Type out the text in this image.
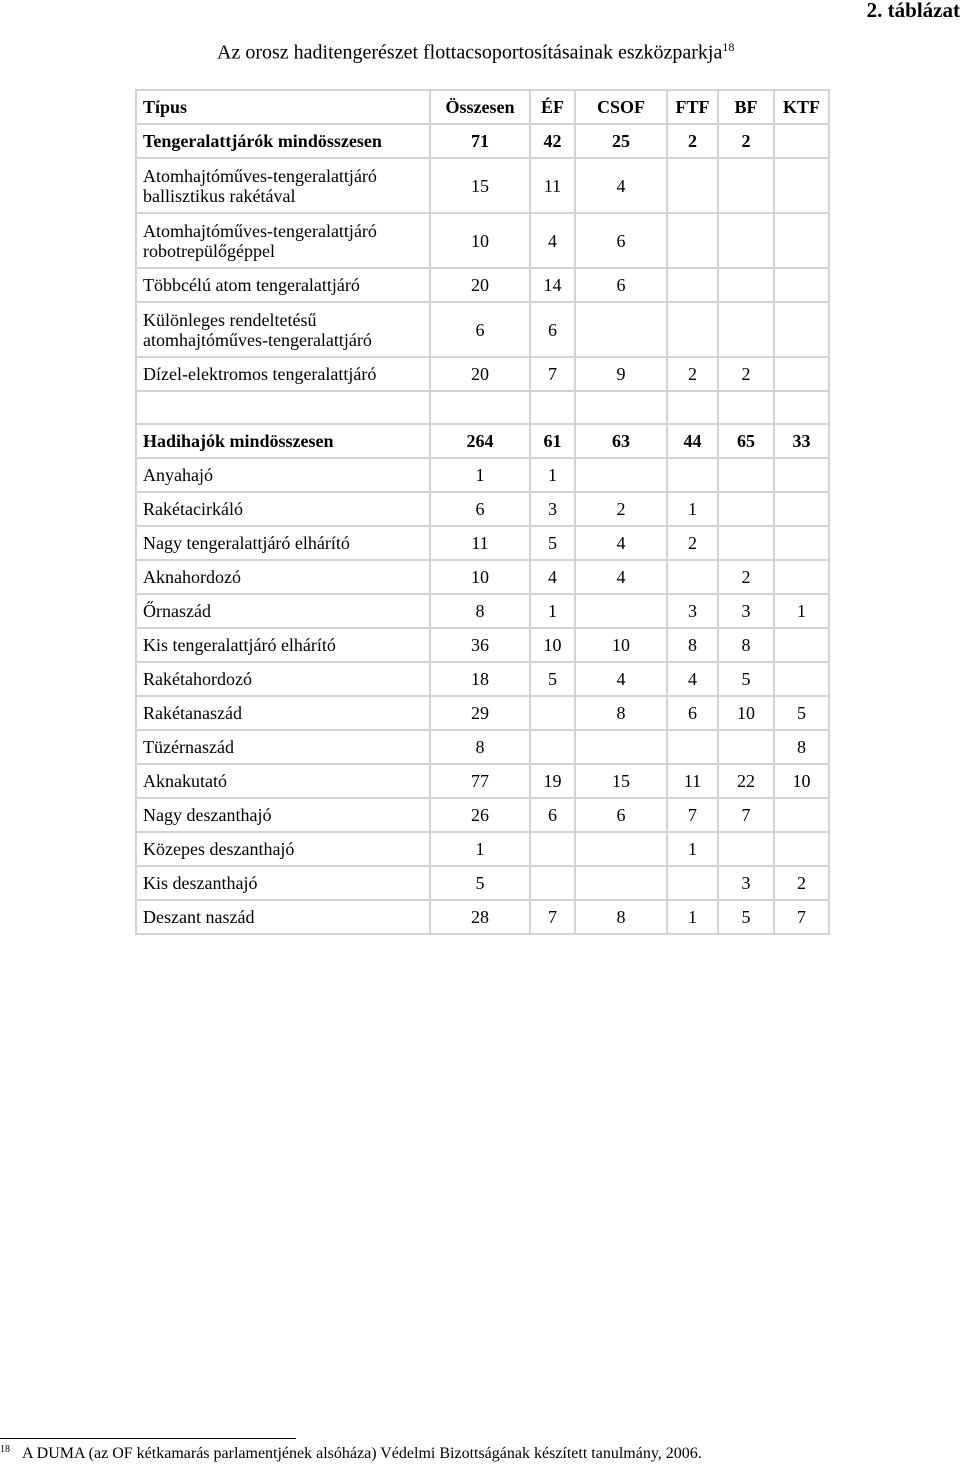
2. táblázat
Az orosz haditengerészet flottacsoportosításainak eszközparkja$^{18}$
Típus	Összesen	ÉF	CSOF	FTF	BF	KTF
Tengeralattjárók mindösszesen	71	42	25	2	2	
Atomhajtóműves-tengeralattjáró ballisztikus rakétával	15	11	4			
Atomhajtóműves-tengeralattjáró robotrepülőgéppel	10	4	6			
Többcélú atom tengeralattjáró	20	14	6			
Különleges rendeltetésű atomhajtóműves-tengeralattjáró	6	6				
Dízel-elektromos tengeralattjáró	20	7	9	2	2	

Hadihajók mindösszesen	264	61	63	44	65	33
Anyahajó	1	1				
Rakétacirkáló	6	3	2	1		
Nagy tengeralattjáró elhárító	11	5	4	2		
Aknahordozó	10	4	4		2	
Őrnaszád	8	1		3	3	1
Kis tengeralattjáró elhárító	36	10	10	8	8	
Rakétahordozó	18	5	4	4	5	
Rakétanaszád	29		8	6	10	5
Tüzérnaszád	8					8
Aknakutató	77	19	15	11	22	10
Nagy deszanthajó	26	6	6	7	7	
Közepes deszanthajó	1			1		
Kis deszanthajó	5				3	2
Deszant naszád	28	7	8	1	5	7
$^{18}$ A DUMA (az OF kétkamarás parlamentjének alsóháza) Védelmi Bizottságának készített tanulmány, 2006.
